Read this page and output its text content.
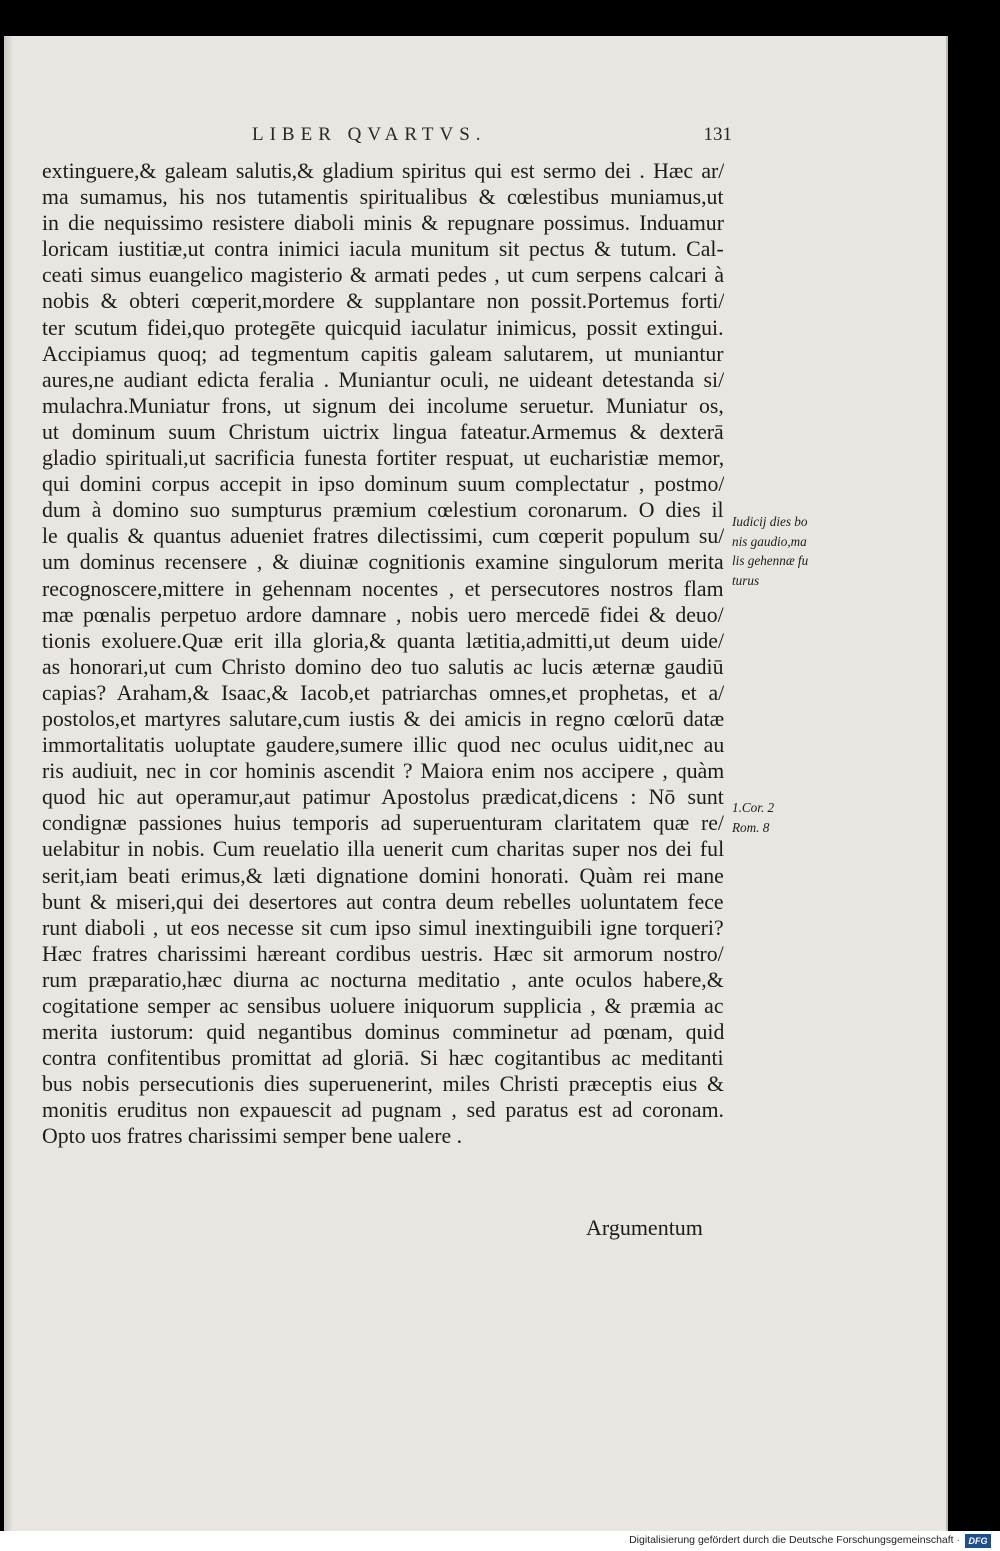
LIBER QVARTVS.	131
extinguere,& galeam salutis,& gladium spiritus qui est sermo dei . Hæc ar/
ma sumamus, his nos tutamentis spiritualibus & cœlestibus muniamus,ut
in die nequissimo resistere diaboli minis & repugnare possimus. Induamur
loricam iustitiæ,ut contra inimici iacula munitum sit pectus & tutum. Cal-
ceati simus euangelico magisterio & armati pedes , ut cum serpens calcari à
nobis & obteri cœperit,mordere & supplantare non possit.Portemus forti/
ter scutum fidei,quo protegēte quicquid iaculatur inimicus, possit extingui.
Accipiamus quoq; ad tegmentum capitis galeam salutarem, ut muniantur
aures,ne audiant edicta feralia . Muniantur oculi, ne uideant detestanda si/
mulachra.Muniatur frons, ut signum dei incolume seruetur. Muniatur os,
ut dominum suum Christum uictrix lingua fateatur.Armemus & dexterā
gladio spirituali,ut sacrificia funesta fortiter respuat, ut eucharistiæ memor,
qui domini corpus accepit in ipso dominum suum complectatur , postmo/
dum à domino suo sumpturus præmium cœlestium coronarum. O dies il
le qualis & quantus adueniet fratres dilectissimi, cum cœperit populum su/
um dominus recensere , & diuinæ cognitionis examine singulorum merita
recognoscere,mittere in gehennam nocentes , et persecutores nostros flam
mæ pœnalis perpetuo ardore damnare , nobis uero mercedē fidei & deuo/
tionis exoluere.Quæ erit illa gloria,& quanta lætitia,admitti,ut deum uide/
as honorari,ut cum Christo domino deo tuo salutis ac lucis æternæ gaudiū
capias? Araham,& Isaac,& Iacob,et patriarchas omnes,et prophetas, et a/
postolos,et martyres salutare,cum iustis & dei amicis in regno cœlorū datæ
immortalitatis uoluptate gaudere,sumere illic quod nec oculus uidit,nec au
ris audiuit, nec in cor hominis ascendit ? Maiora enim nos accipere , quàm
quod hic aut operamur,aut patimur Apostolus prædicat,dicens : Nō sunt
condignæ passiones huius temporis ad superuenturam claritatem quæ re/
uelabitur in nobis. Cum reuelatio illa uenerit cum charitas super nos dei ful
serit,iam beati erimus,& læti dignatione domini honorati. Quàm rei mane
bunt & miseri,qui dei desertores aut contra deum rebelles uoluntatem fece
runt diaboli , ut eos necesse sit cum ipso simul inextinguibili igne torqueri?
Hæc fratres charissimi hæreant cordibus uestris. Hæc sit armorum nostro/
rum præparatio,hæc diurna ac nocturna meditatio , ante oculos habere,&
cogitatione semper ac sensibus uoluere iniquorum supplicia , & præmia ac
merita iustorum: quid negantibus dominus comminetur ad pœnam, quid
contra confitentibus promittat ad gloriā. Si hæc cogitantibus ac meditanti
bus nobis persecutionis dies superuenerint, miles Christi præceptis eius &
monitis eruditus non expauescit ad pugnam , sed paratus est ad coronam.
Opto uos fratres charissimi semper bene ualere .
Argumentum
Iudicij dies bo
nis gaudio,ma
lis gehennæ fu
turus
1.Cor. 2
Rom. 8
Digitalisierung gefördert durch die Deutsche Forschungsgemeinschaft · DFG
